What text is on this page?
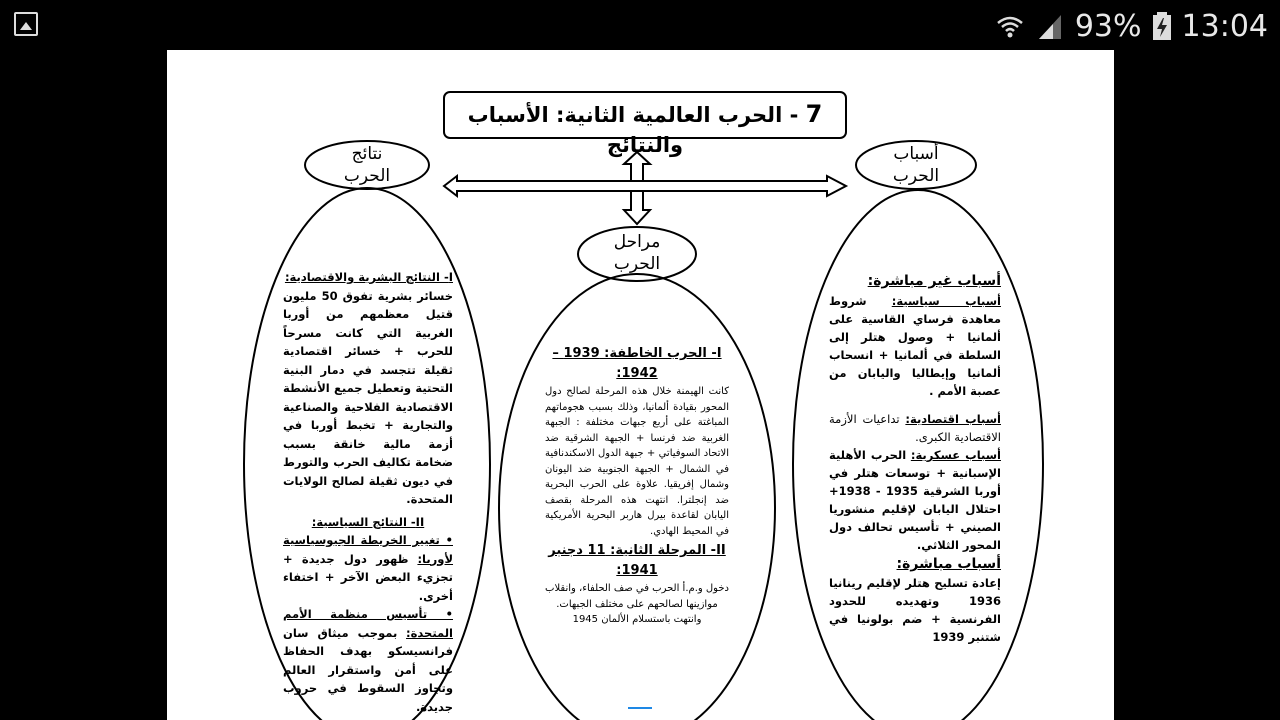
93% 13:04
7 - الحرب العالمية الثانية: الأسباب والنتائج
نتائج
الحرب
أسباب
الحرب
مراحل
الحرب

أسباب غير مباشرة:

أسباب سياسية: شروط معاهدة فرساي القاسية على ألمانيا + وصول هتلر إلى السلطة في ألمانيا + انسحاب ألمانيا وإيطاليا واليابان من عصبة الأمم .

أسباب اقتصادية: تداعيات الأزمة الاقتصادية الكبرى.

أسباب عسكرية: الحرب الأهلية الإسبانية + توسعات هتلر في أوربا الشرقية 1935 - 1938+ احتلال اليابان لإقليم منشوريا الصيني + تأسيس تحالف دول المحور الثلاثي.

أسباب مباشرة:

إعادة تسليح هتلر لإقليم رينانيا 1936 وتهديده للحدود الفرنسية + ضم بولونيا في شتنبر 1939

I- الحرب الخاطفة: 1939 – 1942:

كانت الهيمنة خلال هذه المرحلة لصالح دول المحور بقيادة ألمانيا، وذلك بسبب هجوماتهم المباغتة على أربع جبهات مختلفة : الجبهة الغربية ضد فرنسا + الجبهة الشرقية ضد الاتحاد السوفياتي + جبهة الدول الاسكندنافية في الشمال + الجبهة الجنوبية ضد اليونان وشمال إفريقيا. علاوة على الحرب البحرية ضد إنجلترا. انتهت هذه المرحلة بقصف اليابان لقاعدة بيرل هاربر البحرية الأمريكية في المحيط الهادي.

II- المرحلة الثانية: 11 دجنبر 1941:

دخول و.م.أ الحرب في صف الحلفاء، وانقلاب موازينها لصالحهم على مختلف الجبهات. وانتهت باستسلام الألمان 1945

I- النتائج البشرية والاقتصادية:

خسائر بشرية تفوق 50 مليون قتيل معظمهم من أوربا الغربية التي كانت مسرحاً للحرب + خسائر اقتصادية ثقيلة تتجسد في دمار البنية التحتية وتعطيل جميع الأنشطة الاقتصادية الفلاحية والصناعية والتجارية + تخبط أوربا في أزمة مالية خانقة بسبب ضخامة تكاليف الحرب والتورط في ديون ثقيلة لصالح الولايات المتحدة.

II- النتائج السياسية:

• تغيير الخريطة الجيوسياسية لأوربا: ظهور دول جديدة + تجزيء البعض الآخر + اختفاء أخرى.

• تأسيس منظمة الأمم المتحدة: بموجب ميثاق سان فرانسيسكو بهدف الحفاظ على أمن واستقرار العالم وتجاوز السقوط في حروب جديدة.
